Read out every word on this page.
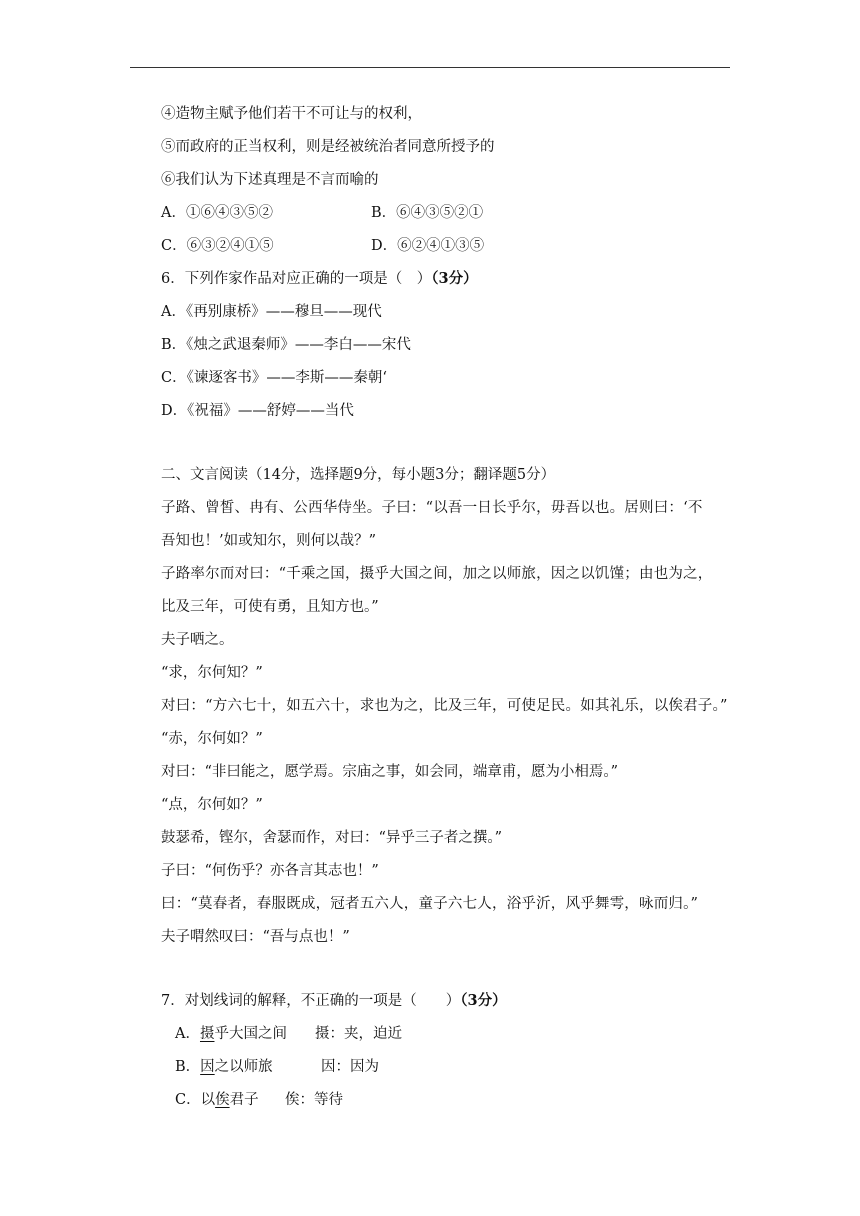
④造物主赋予他们若干不可让与的权利，
⑤而政府的正当权利，则是经被统治者同意所授予的
⑥我们认为下述真理是不言而喻的
A．①⑥④③⑤②	B．⑥④③⑤②①
C．⑥③②④①⑤	D．⑥②④①③⑤
6．下列作家作品对应正确的一项是（　）（3分）
A．《再别康桥》——穆旦——现代
B．《烛之武退秦师》——李白——宋代
C．《谏逐客书》——李斯——秦朝‘
D．《祝福》——舒婷——当代
二、文言阅读（14分，选择题9分，每小题3分；翻译题5分）
子路、曾皙、冉有、公西华侍坐。子曰：“以吾一日长乎尔，毋吾以也。居则曰：‘不
吾知也！’如或知尔，则何以哉？”
子路率尔而对曰：“千乘之国，摄乎大国之间，加之以师旅，因之以饥馑；由也为之，
比及三年，可使有勇，且知方也。”
夫子哂之。
“求，尔何知？”
对曰：“方六七十，如五六十，求也为之，比及三年，可使足民。如其礼乐，以俟君子。”
“赤，尔何如？”
对曰：“非曰能之，愿学焉。宗庙之事，如会同，端章甫，愿为小相焉。”
“点，尔何如？”
鼓瑟希，铿尔，舍瑟而作，对曰：“异乎三子者之撰。”
子曰：“何伤乎？亦各言其志也！”
曰：“莫春者，春服既成，冠者五六人，童子六七人，浴乎沂，风乎舞雩，咏而归。”
夫子喟然叹曰：“吾与点也！”
7．对划线词的解释，不正确的一项是（　　）（3分）
A．摄乎大国之间 摄：夹，迫近
B．因之以师旅	因：因为
C．以俟君子 俟：等待
